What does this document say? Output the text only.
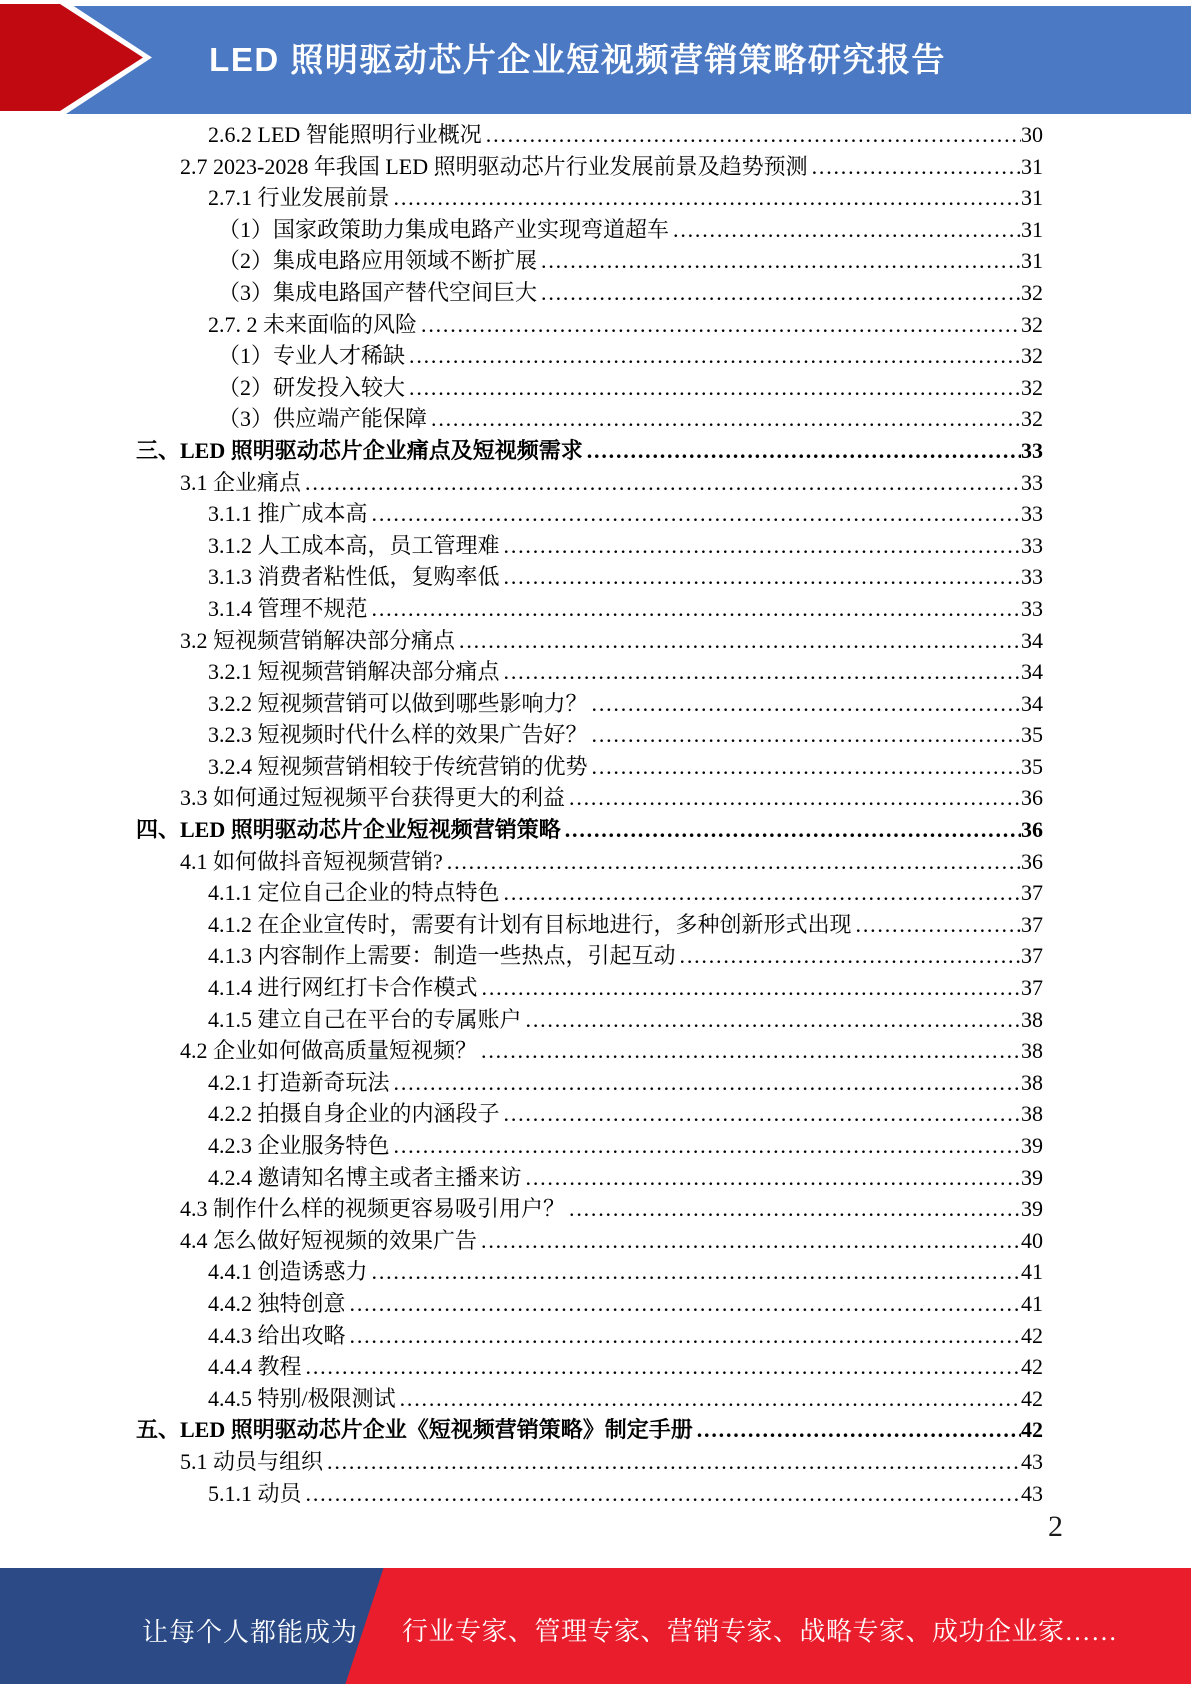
LED 照明驱动芯片企业短视频营销策略研究报告
2.6.2 LED 智能照明行业概况 .....	30
2.7 2023-2028 年我国 LED 照明驱动芯片行业发展前景及趋势预测 .....	31
2.7.1 行业发展前景 .....	31
（1）国家政策助力集成电路产业实现弯道超车 .....	31
（2）集成电路应用领域不断扩展 .....	31
（3）集成电路国产替代空间巨大 .....	32
2.7. 2 未来面临的风险 .....	32
（1）专业人才稀缺 .....	32
（2）研发投入较大 .....	32
（3）供应端产能保障 .....	32
三、LED 照明驱动芯片企业痛点及短视频需求 .....	33
3.1 企业痛点 .....	33
3.1.1 推广成本高 .....	33
3.1.2 人工成本高，员工管理难 .....	33
3.1.3 消费者粘性低，复购率低 .....	33
3.1.4 管理不规范 .....	33
3.2 短视频营销解决部分痛点 .....	34
3.2.1 短视频营销解决部分痛点 .....	34
3.2.2 短视频营销可以做到哪些影响力？ .....	34
3.2.3 短视频时代什么样的效果广告好？ .....	35
3.2.4 短视频营销相较于传统营销的优势 .....	35
3.3 如何通过短视频平台获得更大的利益 .....	36
四、LED 照明驱动芯片企业短视频营销策略 .....	36
4.1 如何做抖音短视频营销? .....	36
4.1.1 定位自己企业的特点特色 .....	37
4.1.2 在企业宣传时，需要有计划有目标地进行，多种创新形式出现 .....	37
4.1.3 内容制作上需要：制造一些热点，引起互动 .....	37
4.1.4 进行网红打卡合作模式 .....	37
4.1.5 建立自己在平台的专属账户 .....	38
4.2 企业如何做高质量短视频？ .....	38
4.2.1 打造新奇玩法 .....	38
4.2.2 拍摄自身企业的内涵段子 .....	38
4.2.3 企业服务特色 .....	39
4.2.4 邀请知名博主或者主播来访 .....	39
4.3 制作什么样的视频更容易吸引用户？ .....	39
4.4 怎么做好短视频的效果广告 .....	40
4.4.1 创造诱惑力 .....	41
4.4.2 独特创意 .....	41
4.4.3 给出攻略 .....	42
4.4.4 教程 .....	42
4.4.5 特别/极限测试 .....	42
五、LED 照明驱动芯片企业《短视频营销策略》制定手册 .....	42
5.1 动员与组织 .....	43
5.1.1 动员 .....	43
2
让每个人都能成为 行业专家、管理专家、营销专家、战略专家、成功企业家……
